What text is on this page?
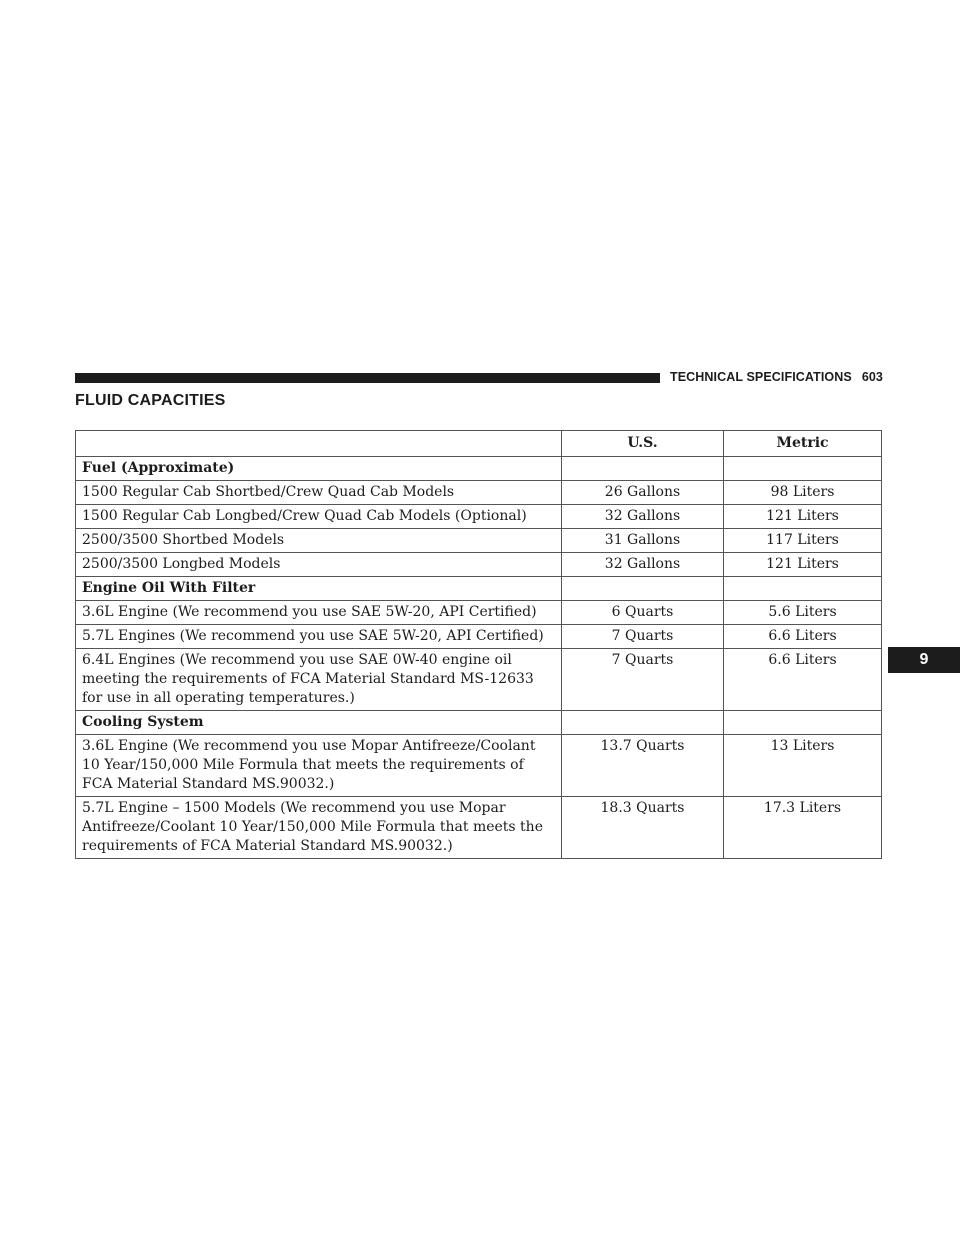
TECHNICAL SPECIFICATIONS 603
FLUID CAPACITIES
	U.S.	Metric
Fuel (Approximate)		
1500 Regular Cab Shortbed/Crew Quad Cab Models	26 Gallons	98 Liters
1500 Regular Cab Longbed/Crew Quad Cab Models (Optional)	32 Gallons	121 Liters
2500/3500 Shortbed Models	31 Gallons	117 Liters
2500/3500 Longbed Models	32 Gallons	121 Liters
Engine Oil With Filter		
3.6L Engine (We recommend you use SAE 5W-20, API Certified)	6 Quarts	5.6 Liters
5.7L Engines (We recommend you use SAE 5W-20, API Certified)	7 Quarts	6.6 Liters
6.4L Engines (We recommend you use SAE 0W-40 engine oil meeting the requirements of FCA Material Standard MS-12633 for use in all operating temperatures.)	7 Quarts	6.6 Liters
Cooling System		
3.6L Engine (We recommend you use Mopar Antifreeze/Coolant 10 Year/150,000 Mile Formula that meets the requirements of FCA Material Standard MS.90032.)	13.7 Quarts	13 Liters
5.7L Engine – 1500 Models (We recommend you use Mopar Antifreeze/Coolant 10 Year/150,000 Mile Formula that meets the requirements of FCA Material Standard MS.90032.)	18.3 Quarts	17.3 Liters
9
